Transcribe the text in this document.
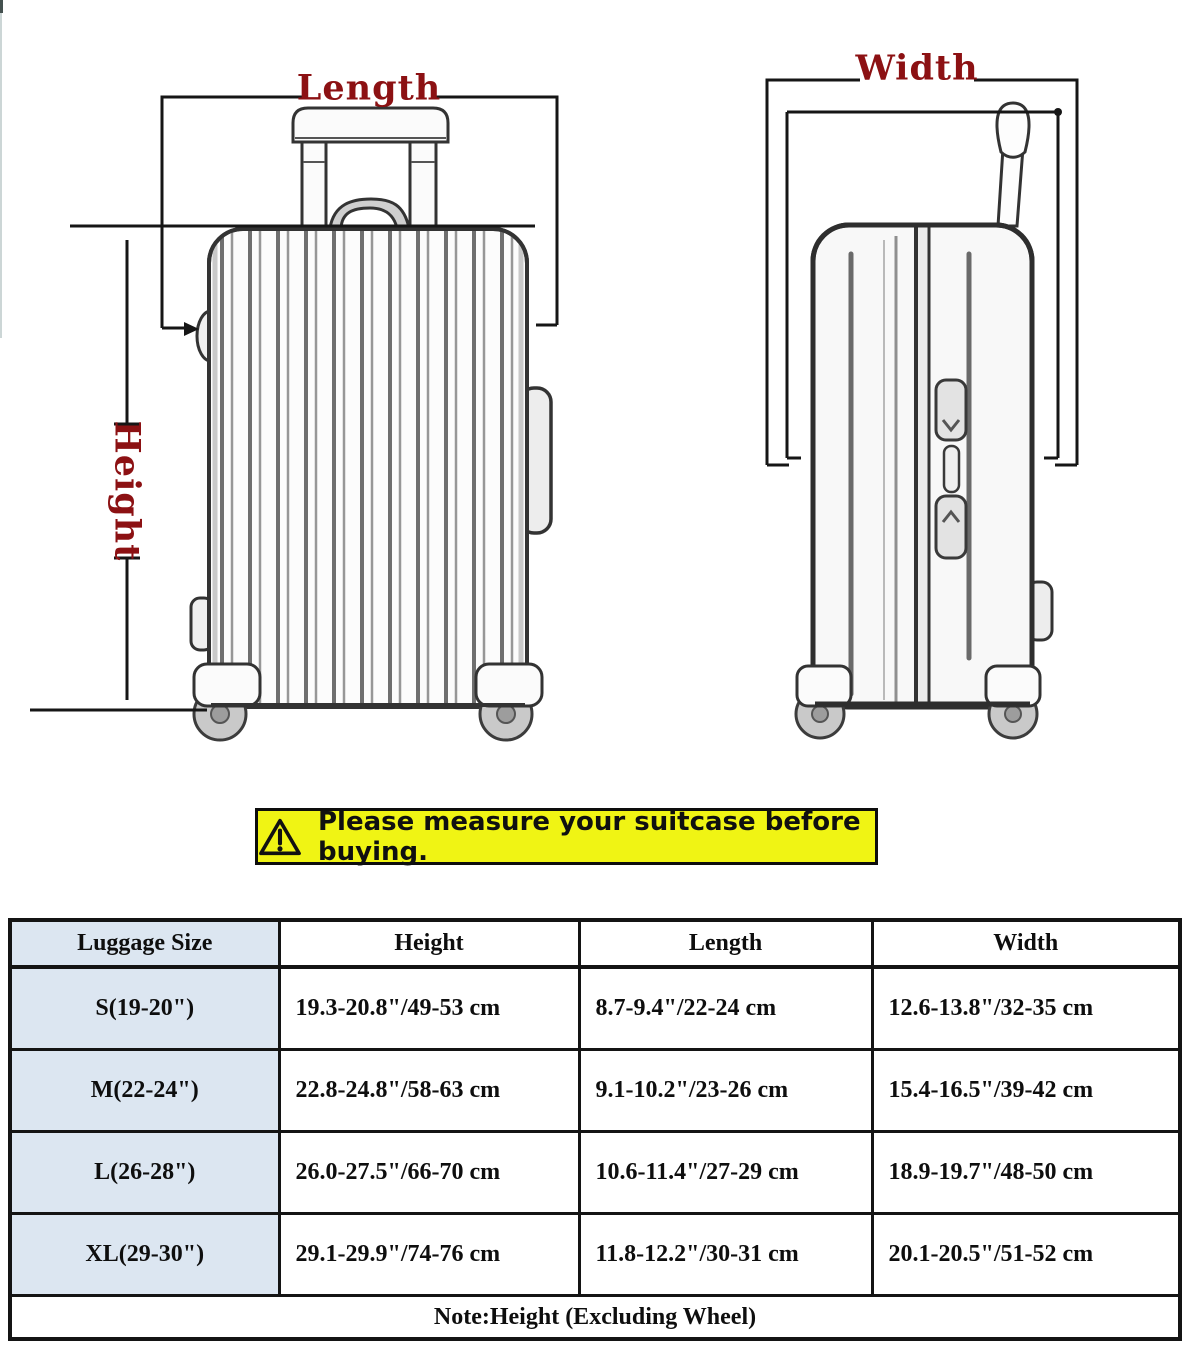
Length
Height
Width
Please measure your suitcase before buying.
Luggage Size	Height	Length	Width
S(19-20")	19.3-20.8"/49-53 cm	8.7-9.4"/22-24 cm	12.6-13.8"/32-35 cm
M(22-24")	22.8-24.8"/58-63 cm	9.1-10.2"/23-26 cm	15.4-16.5"/39-42 cm
L(26-28")	26.0-27.5"/66-70 cm	10.6-11.4"/27-29 cm	18.9-19.7"/48-50 cm
XL(29-30")	29.1-29.9"/74-76 cm	11.8-12.2"/30-31 cm	20.1-20.5"/51-52 cm
Note:Height (Excluding Wheel)			
